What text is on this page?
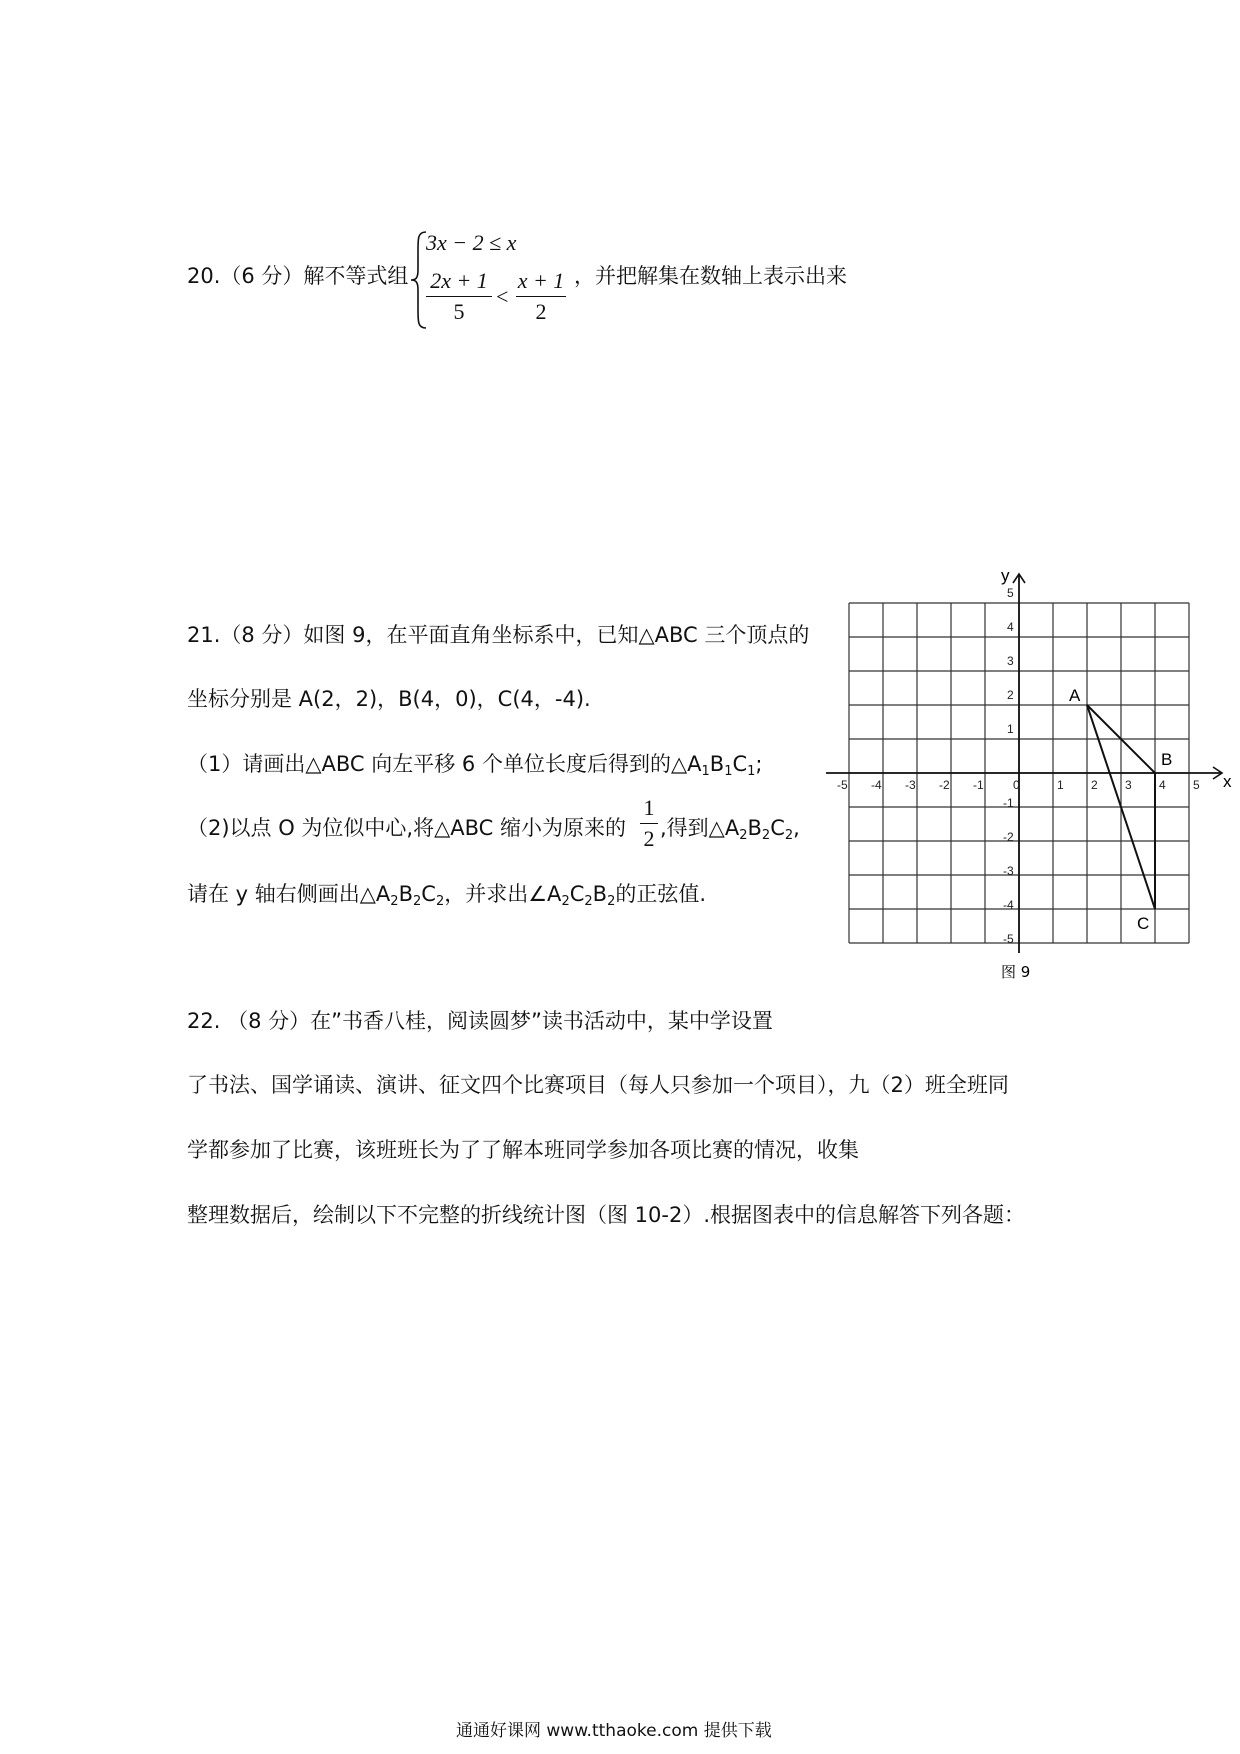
20.（6 分）解不等式组
3x − 2 ≤ x
2x + 1
5
<
x + 1
2
，并把解集在数轴上表示出来
21.（8 分）如图 9，在平面直角坐标系中，已知△ABC 三个顶点的
坐标分别是 A(2，2)，B(4，0)，C(4，-4).
（1）请画出△ABC 向左平移 6 个单位长度后得到的$\triangle A_1B_1C_1$;
（2)以点 O 为位似中心,将△ABC 缩小为原来的
1
2 ,得到$\triangle A_2B_2C_2$,
请在 y 轴右侧画出$\triangle A_2B_2C_2$，并求出$\angle A_2C_2B_2$的正弦值.
x
y
-5 -4 -3 -2 -1 0	1 2 3 4 5
5
4
3
2
1
-1
-2
-3
-4
-5
A
B
C
图 9
22. （8 分）在”书香八桂，阅读圆梦”读书活动中，某中学设置
了书法、国学诵读、演讲、征文四个比赛项目（每人只参加一个项目），九（2）班全班同
学都参加了比赛，该班班长为了了解本班同学参加各项比赛的情况，收集
整理数据后，绘制以下不完整的折线统计图（图 10-2）.根据图表中的信息解答下列各题：
通通好课网 www.tthaoke.com 提供下载
